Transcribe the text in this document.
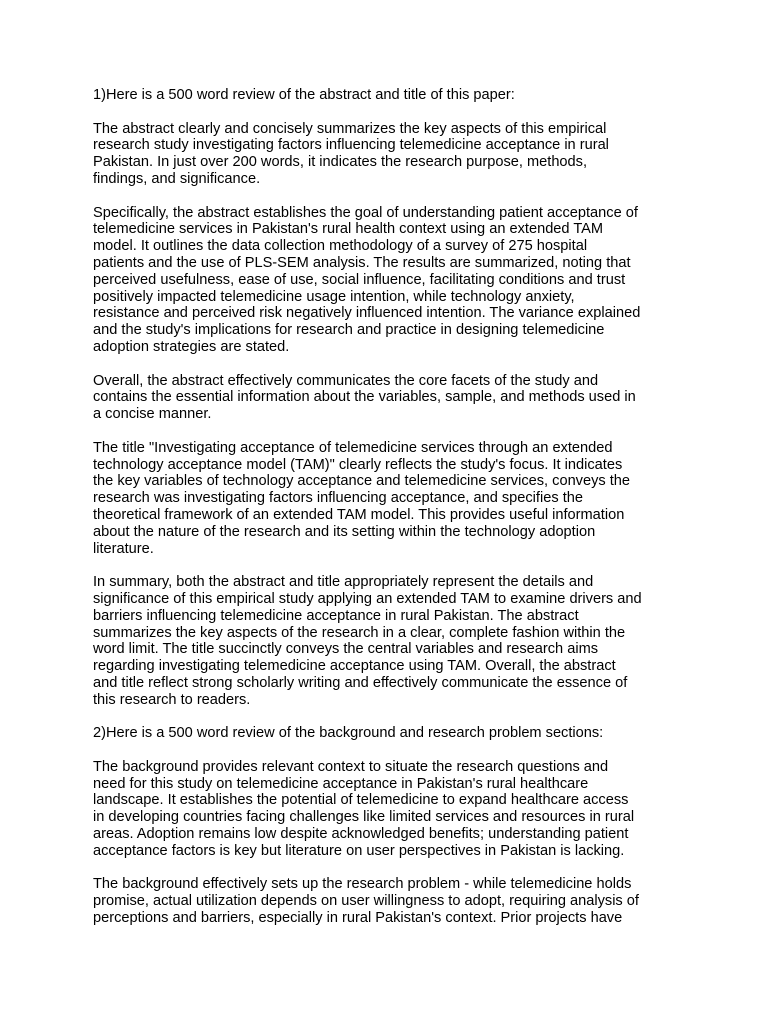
1)Here is a 500 word review of the abstract and title of this paper:

The abstract clearly and concisely summarizes the key aspects of this empirical
research study investigating factors influencing telemedicine acceptance in rural
Pakistan. In just over 200 words, it indicates the research purpose, methods,
findings, and significance.

Specifically, the abstract establishes the goal of understanding patient acceptance of
telemedicine services in Pakistan's rural health context using an extended TAM
model. It outlines the data collection methodology of a survey of 275 hospital
patients and the use of PLS-SEM analysis. The results are summarized, noting that
perceived usefulness, ease of use, social influence, facilitating conditions and trust
positively impacted telemedicine usage intention, while technology anxiety,
resistance and perceived risk negatively influenced intention. The variance explained
and the study's implications for research and practice in designing telemedicine
adoption strategies are stated.

Overall, the abstract effectively communicates the core facets of the study and
contains the essential information about the variables, sample, and methods used in
a concise manner.

The title "Investigating acceptance of telemedicine services through an extended
technology acceptance model (TAM)" clearly reflects the study's focus. It indicates
the key variables of technology acceptance and telemedicine services, conveys the
research was investigating factors influencing acceptance, and specifies the
theoretical framework of an extended TAM model. This provides useful information
about the nature of the research and its setting within the technology adoption
literature.

In summary, both the abstract and title appropriately represent the details and
significance of this empirical study applying an extended TAM to examine drivers and
barriers influencing telemedicine acceptance in rural Pakistan. The abstract
summarizes the key aspects of the research in a clear, complete fashion within the
word limit. The title succinctly conveys the central variables and research aims
regarding investigating telemedicine acceptance using TAM. Overall, the abstract
and title reflect strong scholarly writing and effectively communicate the essence of
this research to readers.

2)Here is a 500 word review of the background and research problem sections:

The background provides relevant context to situate the research questions and
need for this study on telemedicine acceptance in Pakistan's rural healthcare
landscape. It establishes the potential of telemedicine to expand healthcare access
in developing countries facing challenges like limited services and resources in rural
areas. Adoption remains low despite acknowledged benefits; understanding patient
acceptance factors is key but literature on user perspectives in Pakistan is lacking.

The background effectively sets up the research problem - while telemedicine holds
promise, actual utilization depends on user willingness to adopt, requiring analysis of
perceptions and barriers, especially in rural Pakistan's context. Prior projects have
